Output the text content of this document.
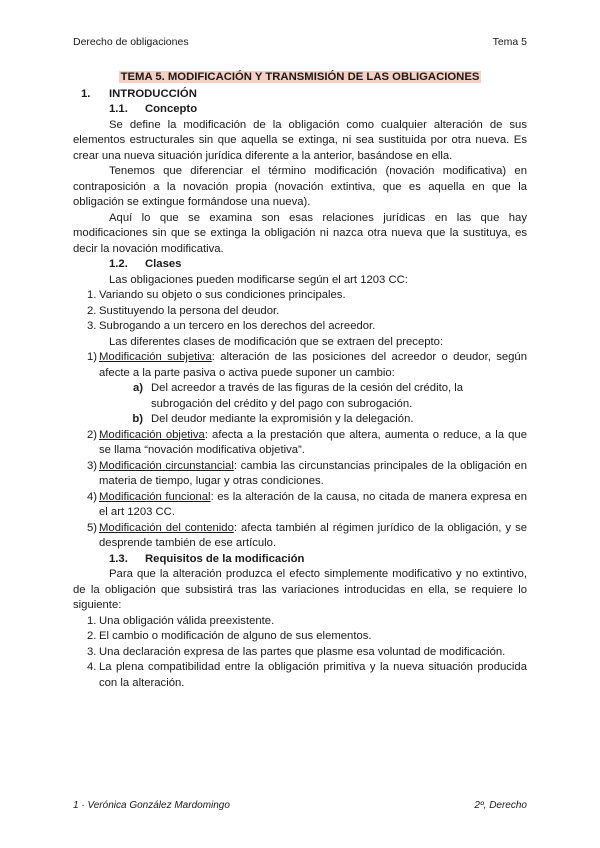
Derecho de obligaciones	Tema 5
TEMA 5. MODIFICACIÓN Y TRANSMISIÓN DE LAS OBLIGACIONES
1.	INTRODUCCIÓN
1.1.	Concepto

Se define la modificación de la obligación como cualquier alteración de sus elementos estructurales sin que aquella se extinga, ni sea sustituida por otra nueva. Es crear una nueva situación jurídica diferente a la anterior, basándose en ella.

Tenemos que diferenciar el término modificación (novación modificativa) en contraposición a la novación propia (novación extintiva, que es aquella en que la obligación se extingue formándose una nueva).

Aquí lo que se examina son esas relaciones jurídicas en las que hay modificaciones sin que se extinga la obligación ni nazca otra nueva que la sustituya, es decir la novación modificativa.

1.2.	Clases
Las obligaciones pueden modificarse según el art 1203 CC:
1. Variando su objeto o sus condiciones principales.
2. Sustituyendo la persona del deudor.
3. Subrogando a un tercero en los derechos del acreedor.
Las diferentes clases de modificación que se extraen del precepto:
1) Modificación subjetiva: alteración de las posiciones del acreedor o deudor, según afecte a la parte pasiva o activa puede suponer un cambio:
a) Del acreedor a través de las figuras de la cesión del crédito, la subrogación del crédito y del pago con subrogación.
b) Del deudor mediante la expromisión y la delegación.
2) Modificación objetiva: afecta a la prestación que altera, aumenta o reduce, a la que se llama “novación modificativa objetiva”.
3) Modificación circunstancial: cambia las circunstancias principales de la obligación en materia de tiempo, lugar y otras condiciones.
4) Modificación funcional: es la alteración de la causa, no citada de manera expresa en el art 1203 CC.
5) Modificación del contenido: afecta también al régimen jurídico de la obligación, y se desprende también de ese artículo.
1.3.	Requisitos de la modificación

Para que la alteración produzca el efecto simplemente modificativo y no extintivo, de la obligación que subsistirá tras las variaciones introducidas en ella, se requiere lo siguiente:

1. Una obligación válida preexistente.
2. El cambio o modificación de alguno de sus elementos.
3. Una declaración expresa de las partes que plasme esa voluntad de modificación.
4. La plena compatibilidad entre la obligación primitiva y la nueva situación producida con la alteración.
1 · Verónica González Mardomingo	2º, Derecho
